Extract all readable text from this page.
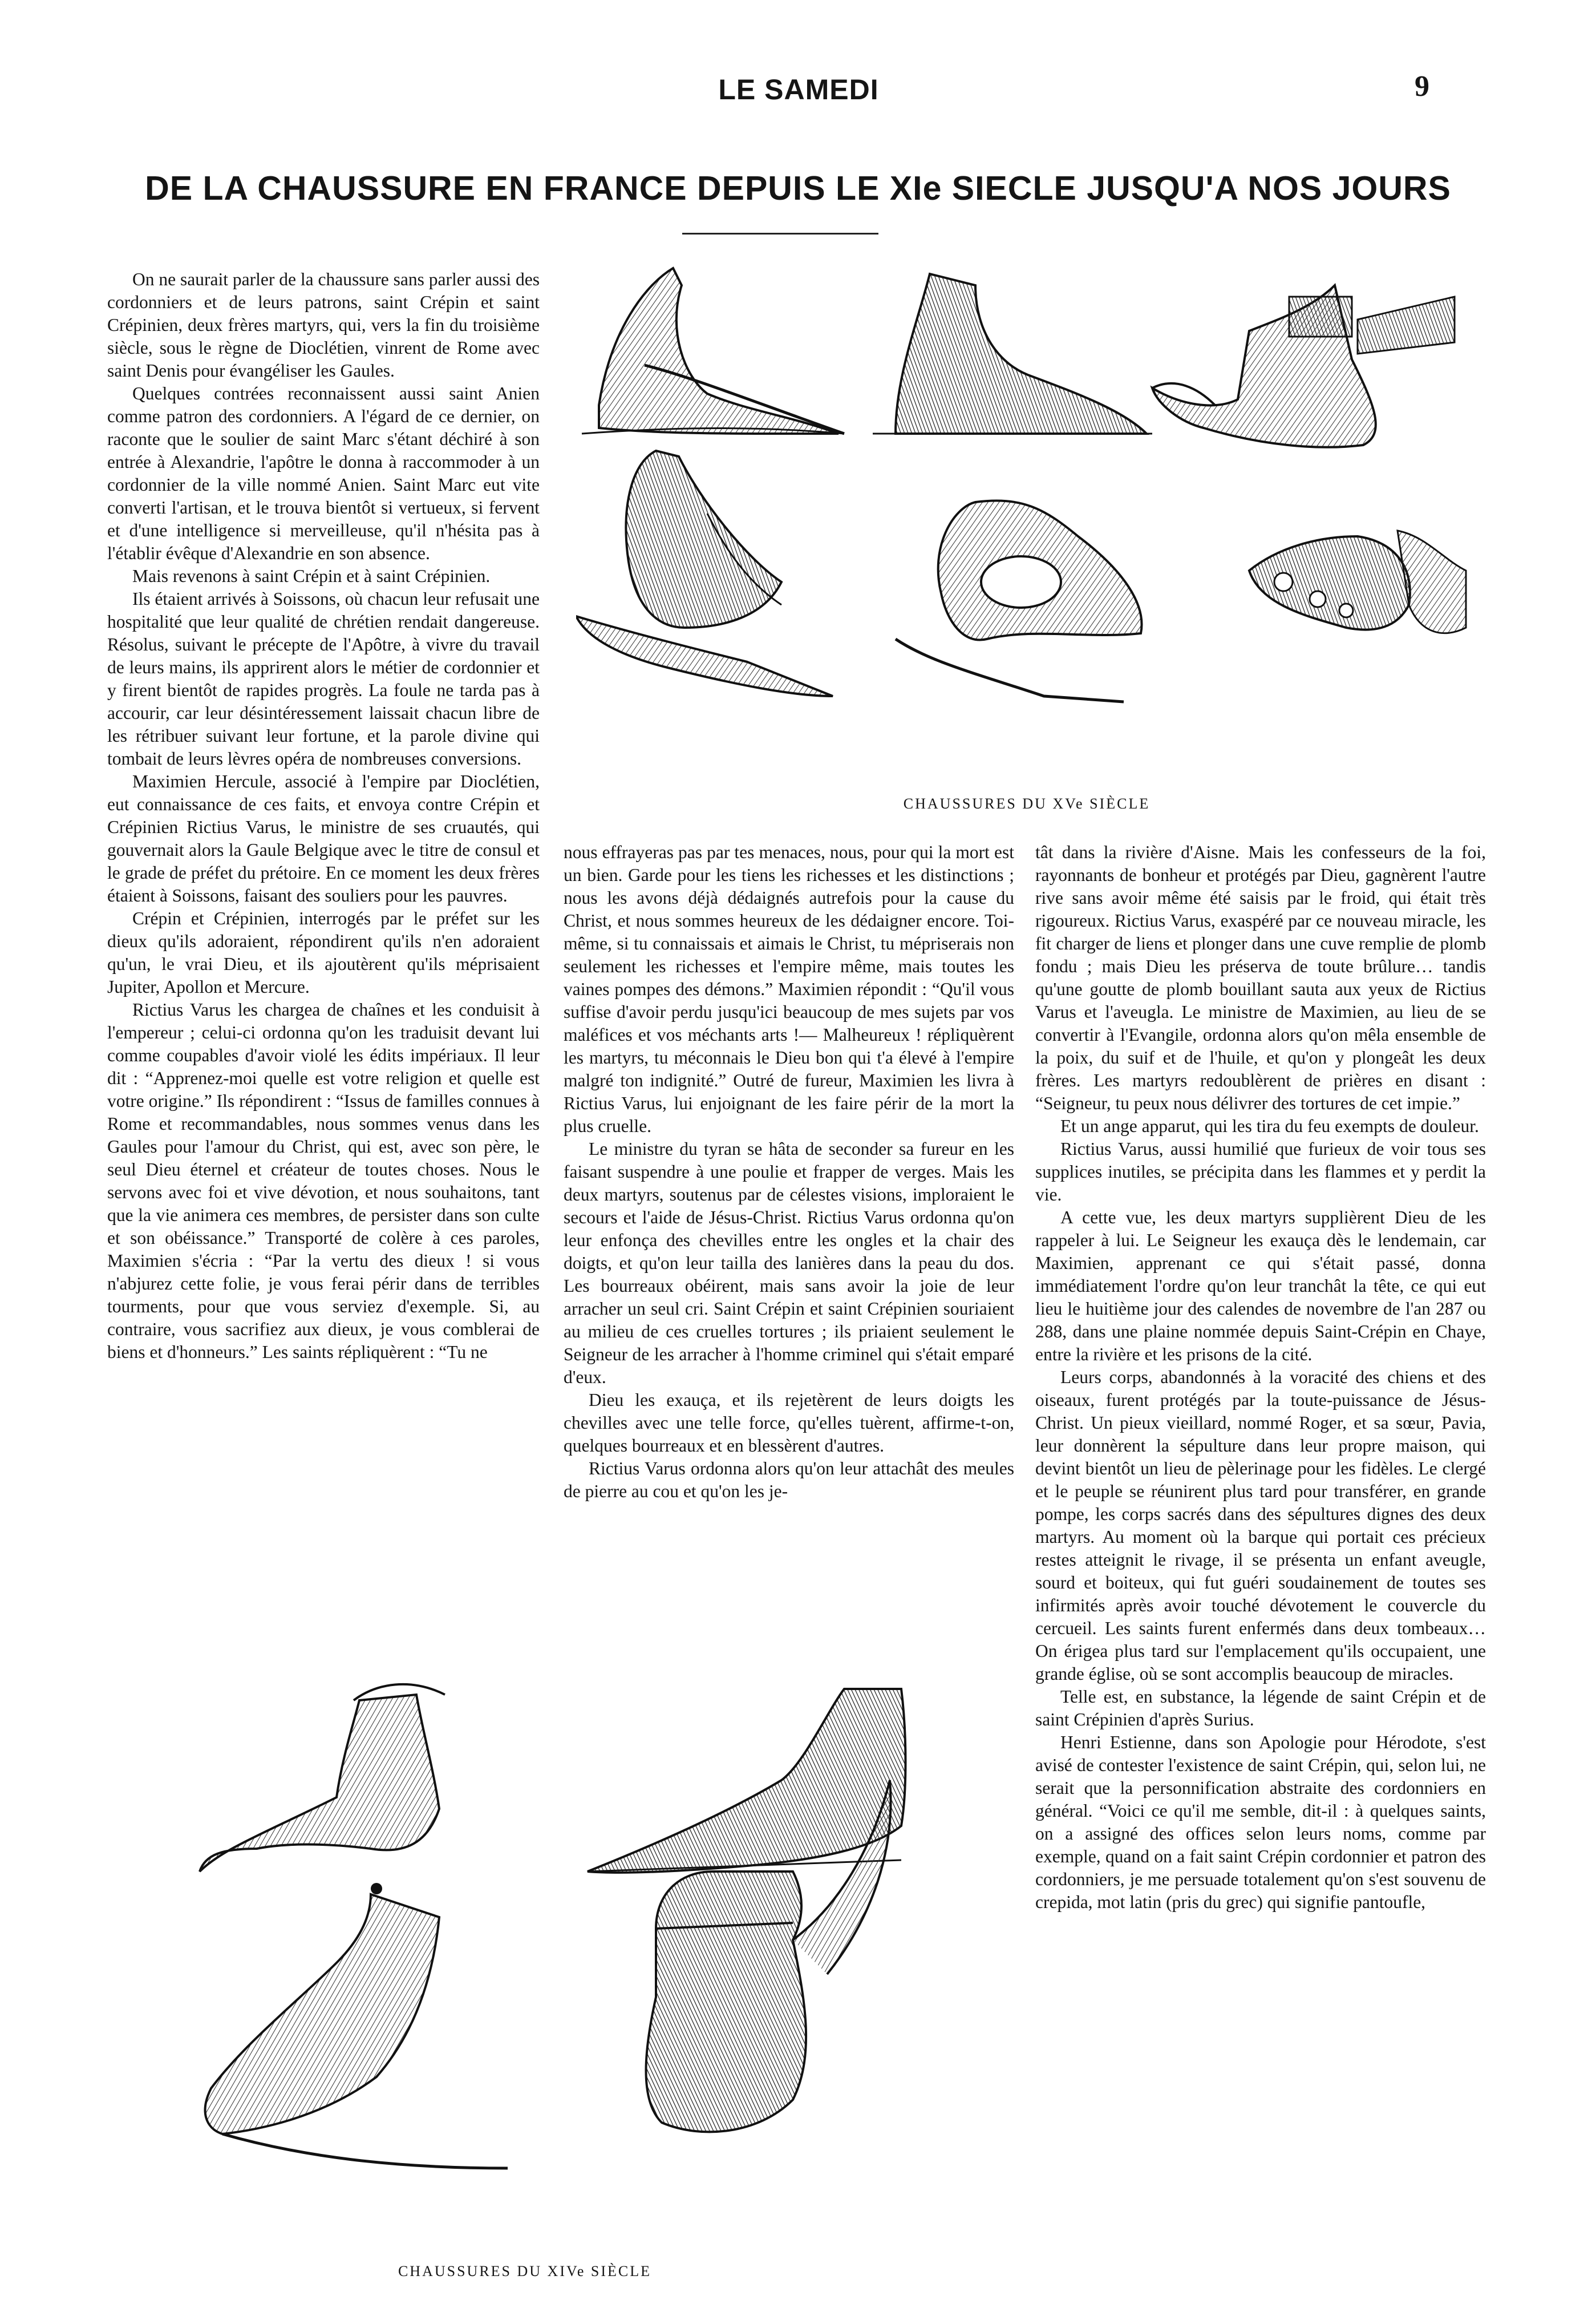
LE SAMEDI	9
DE LA CHAUSSURE EN FRANCE DEPUIS LE XIe SIECLE JUSQU'A NOS JOURS
CHAUSSURES DU XVe SIÈCLE
CHAUSSURES DU XIVe SIÈCLE

On ne saurait parler de la chaussure sans parler aussi des cordonniers et de leurs patrons, saint Crépin et saint Crépinien, deux frères martyrs, qui, vers la fin du troisième siècle, sous le règne de Dioclétien, vinrent de Rome avec saint Denis pour évangéliser les Gaules.

Quelques contrées reconnaissent aussi saint Anien comme patron des cordonniers. A l'égard de ce dernier, on raconte que le soulier de saint Marc s'étant déchiré à son entrée à Alexandrie, l'apôtre le donna à raccommoder à un cordonnier de la ville nommé Anien. Saint Marc eut vite converti l'artisan, et le trouva bientôt si vertueux, si fervent et d'une intelligence si merveilleuse, qu'il n'hésita pas à l'établir évêque d'Alexandrie en son absence.

Mais revenons à saint Crépin et à saint Crépinien.

Ils étaient arrivés à Soissons, où chacun leur refusait une hospitalité que leur qualité de chrétien rendait dangereuse. Résolus, suivant le précepte de l'Apôtre, à vivre du travail de leurs mains, ils apprirent alors le métier de cordonnier et y firent bientôt de rapides progrès. La foule ne tarda pas à accourir, car leur désintéressement laissait chacun libre de les rétribuer suivant leur fortune, et la parole divine qui tombait de leurs lèvres opéra de nombreuses conversions.

Maximien Hercule, associé à l'empire par Dioclétien, eut connaissance de ces faits, et envoya contre Crépin et Crépinien Rictius Varus, le ministre de ses cruautés, qui gouvernait alors la Gaule Belgique avec le titre de consul et le grade de préfet du prétoire. En ce moment les deux frères étaient à Soissons, faisant des souliers pour les pauvres.

Crépin et Crépinien, interrogés par le préfet sur les dieux qu'ils adoraient, répondirent qu'ils n'en adoraient qu'un, le vrai Dieu, et ils ajoutèrent qu'ils méprisaient Jupiter, Apollon et Mercure.

Rictius Varus les chargea de chaînes et les conduisit à l'empereur ; celui-ci ordonna qu'on les traduisit devant lui comme coupables d'avoir violé les édits impériaux. Il leur dit : “Apprenez-moi quelle est votre religion et quelle est votre origine.” Ils répondirent : “Issus de familles connues à Rome et recommandables, nous sommes venus dans les Gaules pour l'amour du Christ, qui est, avec son père, le seul Dieu éternel et créateur de toutes choses. Nous le servons avec foi et vive dévotion, et nous souhaitons, tant que la vie animera ces membres, de persister dans son culte et son obéissance.” Transporté de colère à ces paroles, Maximien s'écria : “Par la vertu des dieux ! si vous n'abjurez cette folie, je vous ferai périr dans de terribles tourments, pour que vous serviez d'exemple. Si, au contraire, vous sacrifiez aux dieux, je vous comblerai de biens et d'honneurs.” Les saints répliquèrent : “Tu ne

nous effrayeras pas par tes menaces, nous, pour qui la mort est un bien. Garde pour les tiens les richesses et les distinctions ; nous les avons déjà dédaignés autrefois pour la cause du Christ, et nous sommes heureux de les dédaigner encore. Toi-même, si tu connaissais et aimais le Christ, tu mépriserais non seulement les richesses et l'empire même, mais toutes les vaines pompes des démons.” Maximien répondit : “Qu'il vous suffise d'avoir perdu jusqu'ici beaucoup de mes sujets par vos maléfices et vos méchants arts !— Malheureux ! répliquèrent les martyrs, tu méconnais le Dieu bon qui t'a élevé à l'empire malgré ton indignité.” Outré de fureur, Maximien les livra à Rictius Varus, lui enjoignant de les faire périr de la mort la plus cruelle.

Le ministre du tyran se hâta de seconder sa fureur en les faisant suspendre à une poulie et frapper de verges. Mais les deux martyrs, soutenus par de célestes visions, imploraient le secours et l'aide de Jésus-Christ. Rictius Varus ordonna qu'on leur enfonça des chevilles entre les ongles et la chair des doigts, et qu'on leur tailla des lanières dans la peau du dos. Les bourreaux obéirent, mais sans avoir la joie de leur arracher un seul cri. Saint Crépin et saint Crépinien souriaient au milieu de ces cruelles tortures ; ils priaient seulement le Seigneur de les arracher à l'homme criminel qui s'était emparé d'eux.

Dieu les exauça, et ils rejetèrent de leurs doigts les chevilles avec une telle force, qu'elles tuèrent, affirme-t-on, quelques bourreaux et en blessèrent d'autres.

Rictius Varus ordonna alors qu'on leur attachât des meules de pierre au cou et qu'on les je-

tât dans la rivière d'Aisne. Mais les confesseurs de la foi, rayonnants de bonheur et protégés par Dieu, gagnèrent l'autre rive sans avoir même été saisis par le froid, qui était très rigoureux. Rictius Varus, exaspéré par ce nouveau miracle, les fit charger de liens et plonger dans une cuve remplie de plomb fondu ; mais Dieu les préserva de toute brûlure… tandis qu'une goutte de plomb bouillant sauta aux yeux de Rictius Varus et l'aveugla. Le ministre de Maximien, au lieu de se convertir à l'Evangile, ordonna alors qu'on mêla ensemble de la poix, du suif et de l'huile, et qu'on y plongeât les deux frères. Les martyrs redoublèrent de prières en disant : “Seigneur, tu peux nous délivrer des tortures de cet impie.”

Et un ange apparut, qui les tira du feu exempts de douleur.

Rictius Varus, aussi humilié que furieux de voir tous ses supplices inutiles, se précipita dans les flammes et y perdit la vie.

A cette vue, les deux martyrs supplièrent Dieu de les rappeler à lui. Le Seigneur les exauça dès le lendemain, car Maximien, apprenant ce qui s'était passé, donna immédiatement l'ordre qu'on leur tranchât la tête, ce qui eut lieu le huitième jour des calendes de novembre de l'an 287 ou 288, dans une plaine nommée depuis Saint-Crépin en Chaye, entre la rivière et les prisons de la cité.

Leurs corps, abandonnés à la voracité des chiens et des oiseaux, furent protégés par la toute-puissance de Jésus-Christ. Un pieux vieillard, nommé Roger, et sa sœur, Pavia, leur donnèrent la sépulture dans leur propre maison, qui devint bientôt un lieu de pèlerinage pour les fidèles. Le clergé et le peuple se réunirent plus tard pour transférer, en grande pompe, les corps sacrés dans des sépultures dignes des deux martyrs. Au moment où la barque qui portait ces précieux restes atteignit le rivage, il se présenta un enfant aveugle, sourd et boiteux, qui fut guéri soudainement de toutes ses infirmités après avoir touché dévotement le couvercle du cercueil. Les saints furent enfermés dans deux tombeaux… On érigea plus tard sur l'emplacement qu'ils occupaient, une grande église, où se sont accomplis beaucoup de miracles.

Telle est, en substance, la légende de saint Crépin et de saint Crépinien d'après Surius.

Henri Estienne, dans son Apologie pour Hérodote, s'est avisé de contester l'existence de saint Crépin, qui, selon lui, ne serait que la personnification abstraite des cordonniers en général. “Voici ce qu'il me semble, dit-il : à quelques saints, on a assigné des offices selon leurs noms, comme par exemple, quand on a fait saint Crépin cordonnier et patron des cordonniers, je me persuade totalement qu'on s'est souvenu de crepida, mot latin (pris du grec) qui signifie pantoufle,
